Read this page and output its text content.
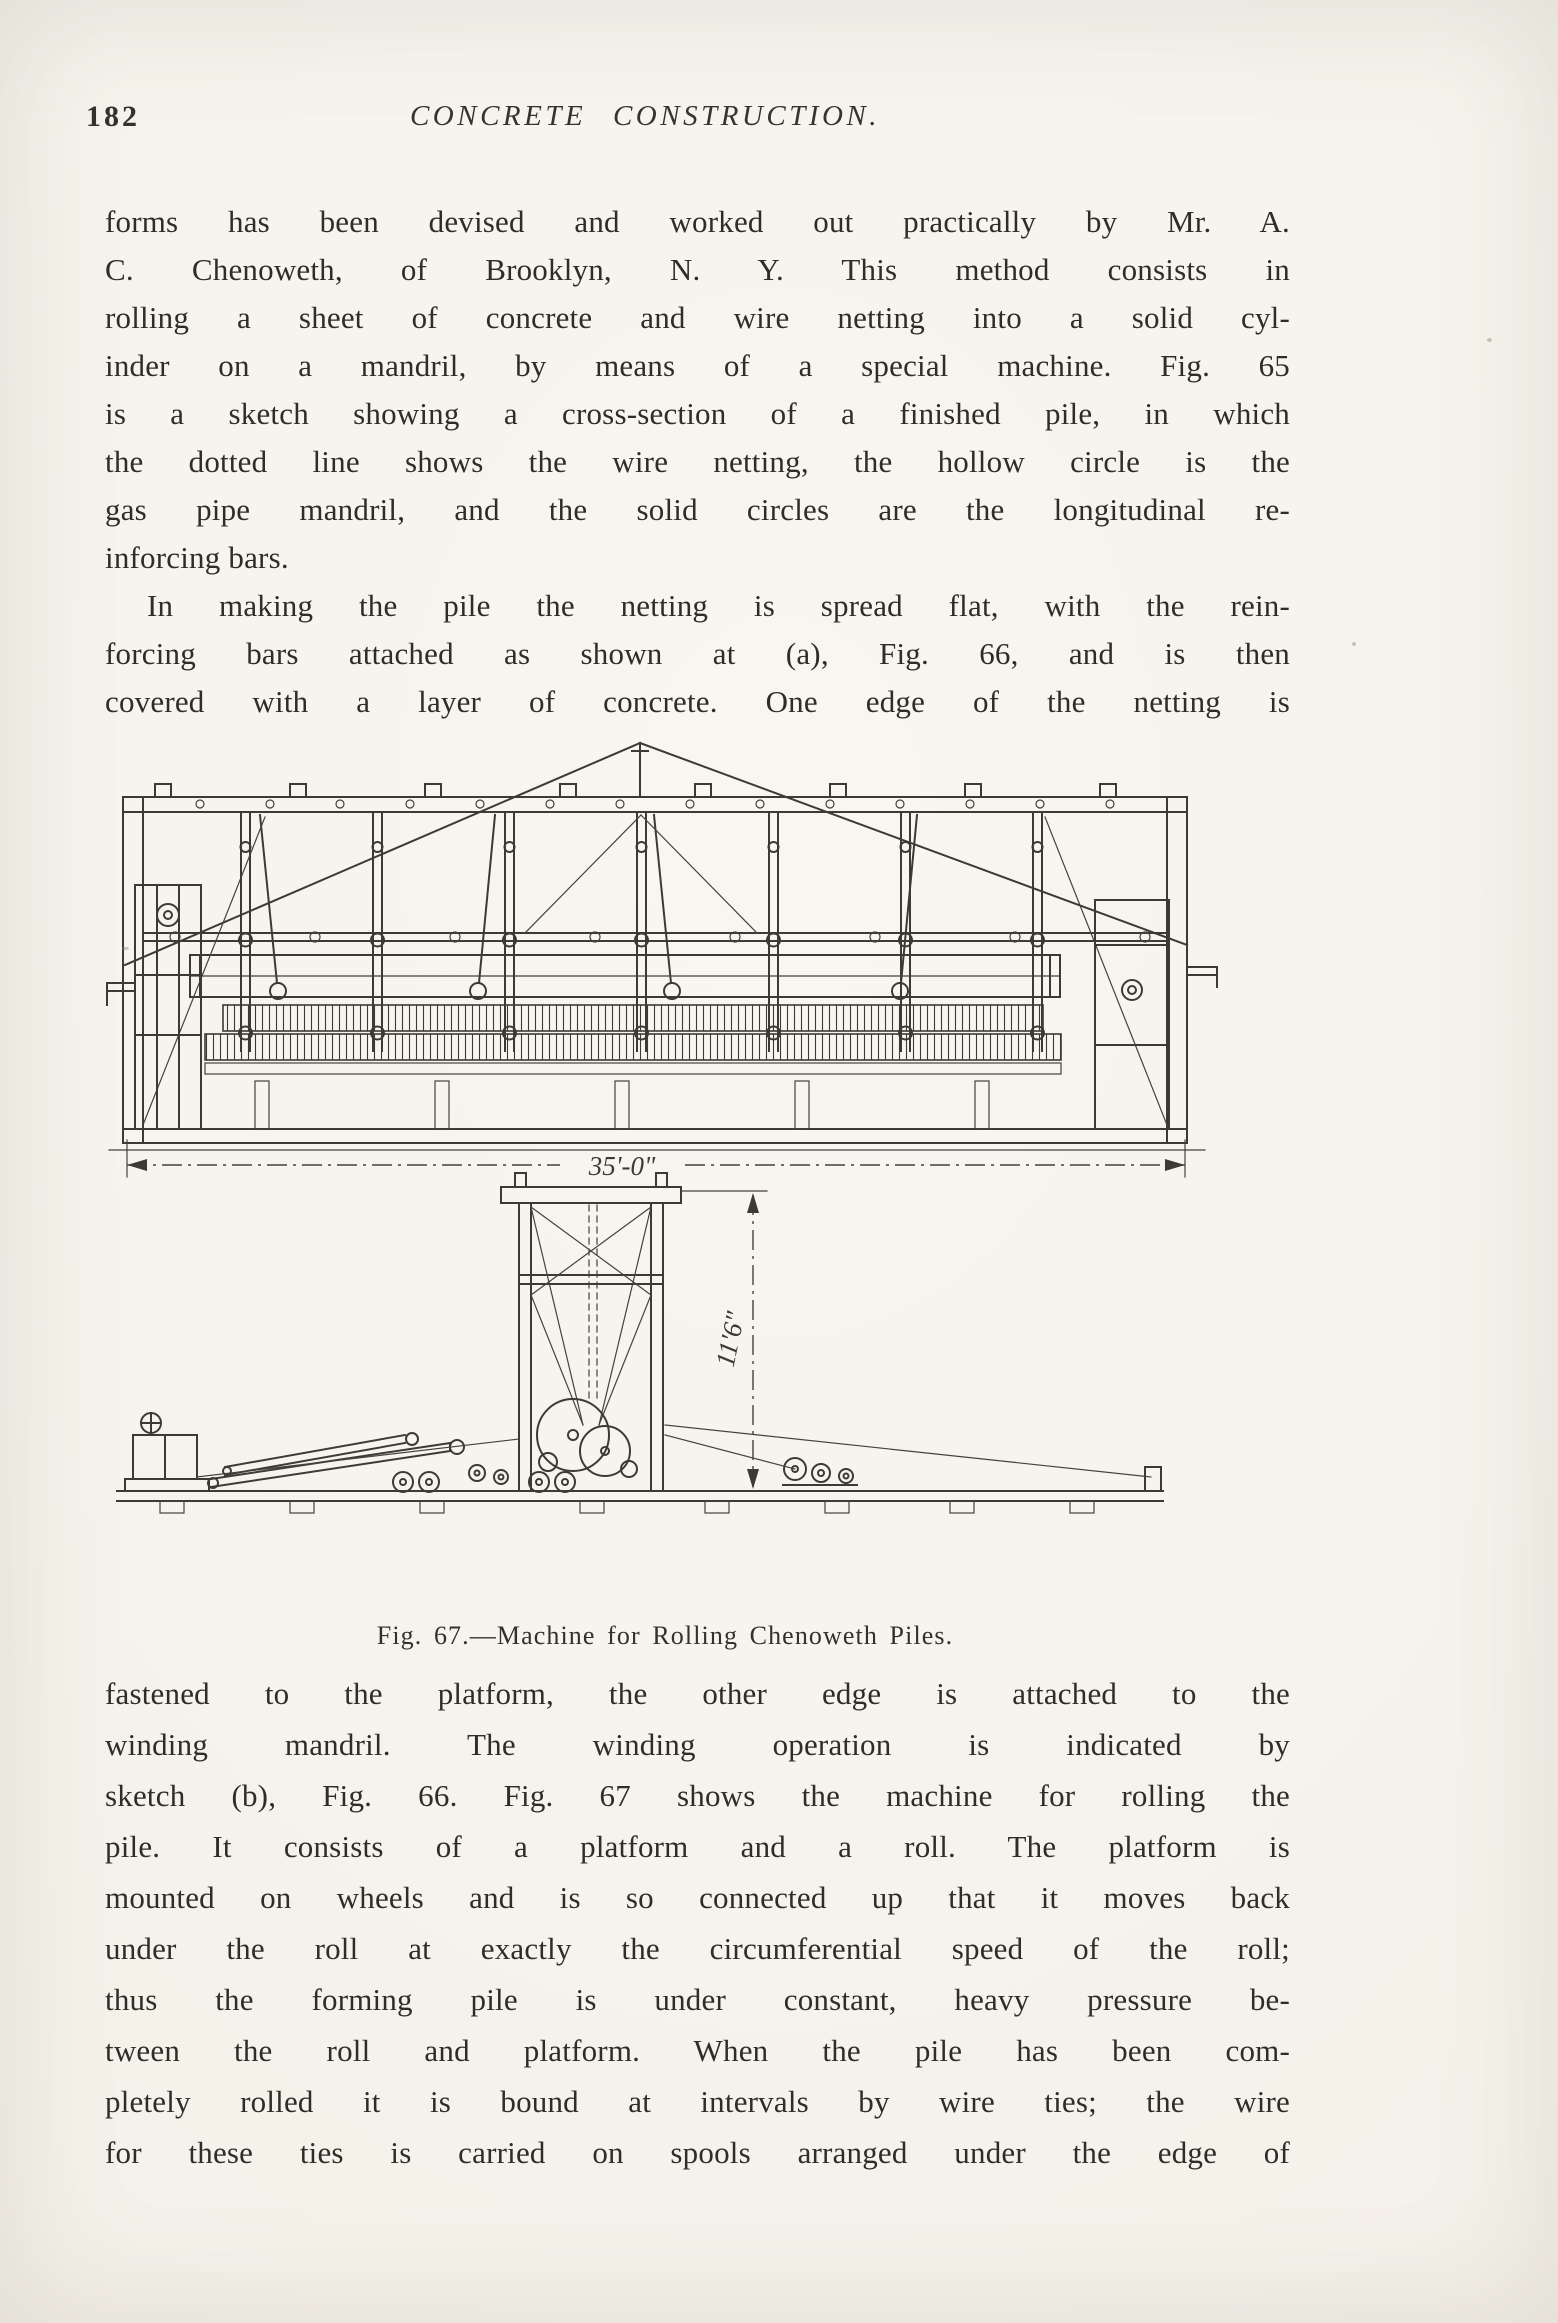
182	CONCRETE CONSTRUCTION.
forms has been devised and worked out practically by Mr. A.
C. Chenoweth, of Brooklyn, N. Y. This method consists in
rolling a sheet of concrete and wire netting into a solid cyl-
inder on a mandril, by means of a special machine. Fig. 65
is a sketch showing a cross-section of a finished pile, in which
the dotted line shows the wire netting, the hollow circle is the
gas pipe mandril, and the solid circles are the longitudinal re-
inforcing bars.
In making the pile the netting is spread flat, with the rein-
forcing bars attached as shown at (a), Fig. 66, and is then
covered with a layer of concrete. One edge of the netting is
35'-0"
11'6"
Fig. 67.—Machine for Rolling Chenoweth Piles.
fastened to the platform, the other edge is attached to the
winding mandril. The winding operation is indicated by
sketch (b), Fig. 66. Fig. 67 shows the machine for rolling the
pile. It consists of a platform and a roll. The platform is
mounted on wheels and is so connected up that it moves back
under the roll at exactly the circumferential speed of the roll;
thus the forming pile is under constant, heavy pressure be-
tween the roll and platform. When the pile has been com-
pletely rolled it is bound at intervals by wire ties; the wire
for these ties is carried on spools arranged under the edge of
